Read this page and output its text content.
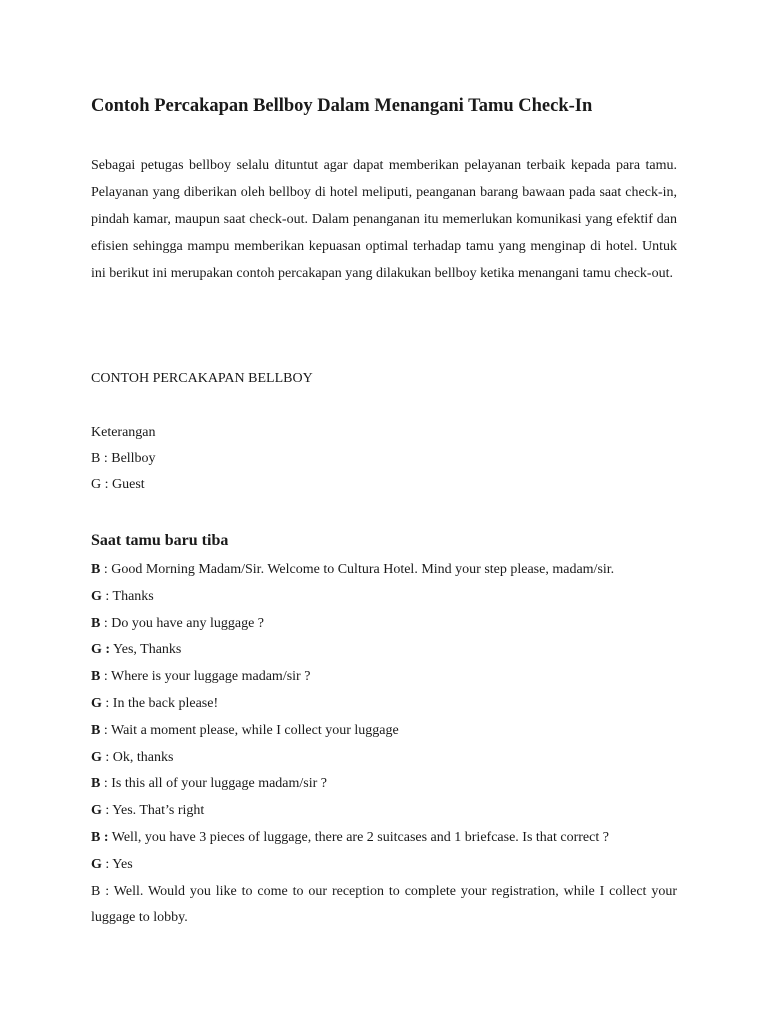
Contoh Percakapan Bellboy Dalam Menangani Tamu Check-In

Sebagai petugas bellboy selalu dituntut agar dapat memberikan pelayanan terbaik kepada para tamu. Pelayanan yang diberikan oleh bellboy di hotel meliputi, peanganan barang bawaan pada saat check-in, pindah kamar, maupun saat check-out. Dalam penanganan itu memerlukan komunikasi yang efektif dan efisien sehingga mampu memberikan kepuasan optimal terhadap tamu yang menginap di hotel. Untuk ini berikut ini merupakan contoh percakapan yang dilakukan bellboy ketika menangani tamu check-out.

CONTOH PERCAKAPAN BELLBOY
Keterangan
B : Bellboy
G : Guest
Saat tamu baru tiba
B : Good Morning Madam/Sir. Welcome to Cultura Hotel. Mind your step please, madam/sir.
G : Thanks
B : Do you have any luggage ?
G : Yes, Thanks
B : Where is your luggage madam/sir ?
G : In the back please!
B : Wait a moment please, while I collect your luggage
G : Ok, thanks
B : Is this all of your luggage madam/sir ?
G : Yes. That’s right
B : Well, you have 3 pieces of luggage, there are 2 suitcases and 1 briefcase. Is that correct ?
G : Yes
B : Well. Would you like to come to our reception to complete your registration, while I collect your luggage to lobby.
